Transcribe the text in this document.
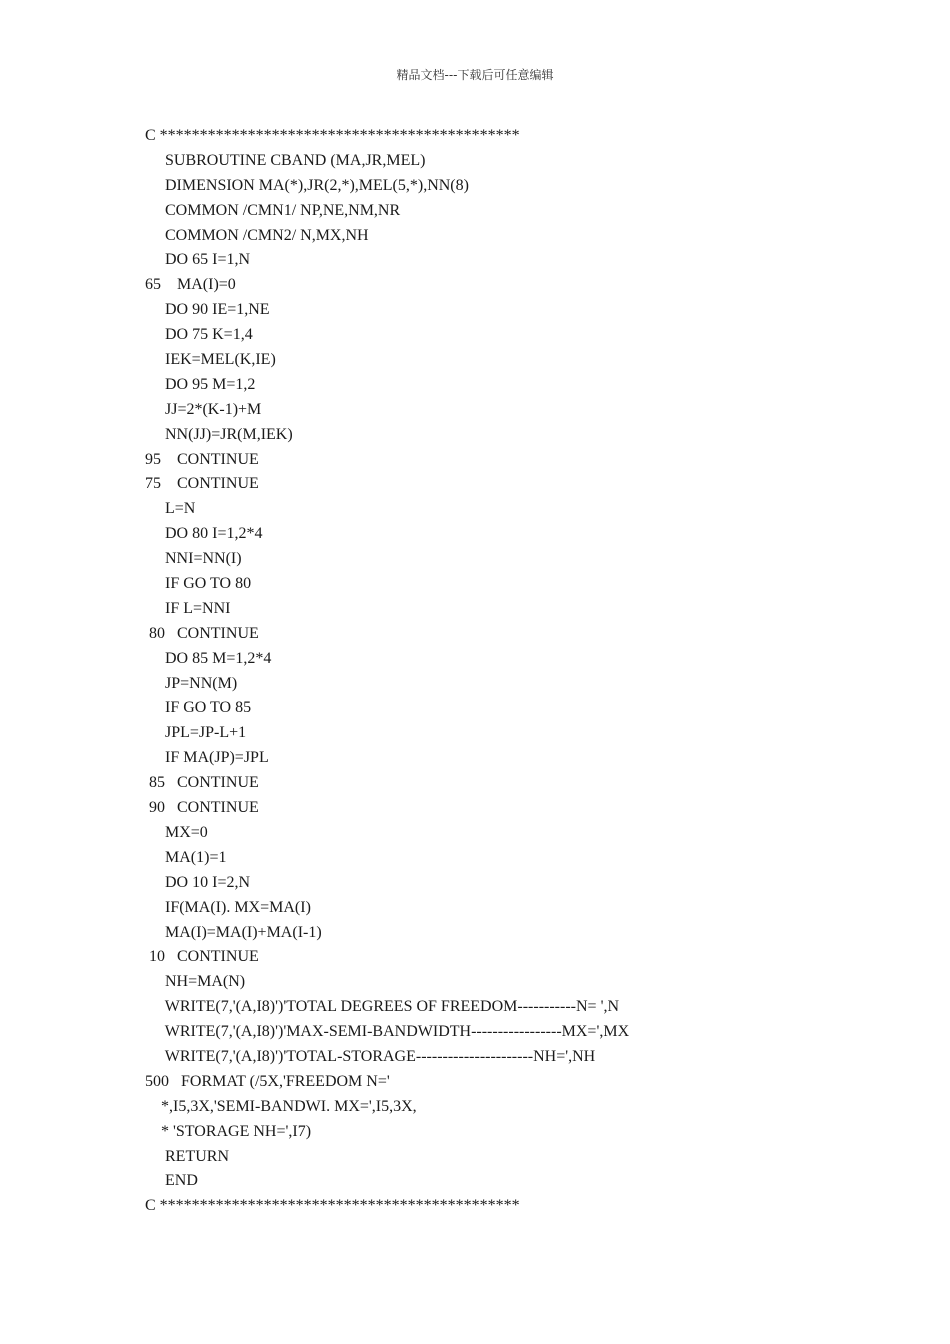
精品文档---下载后可任意编辑
C *********************************************
SUBROUTINE CBAND (MA,JR,MEL)
DIMENSION MA(*),JR(2,*),MEL(5,*),NN(8)
COMMON /CMN1/ NP,NE,NM,NR
COMMON /CMN2/ N,MX,NH
DO 65 I=1,N
65    MA(I)=0
DO 90 IE=1,NE
DO 75 K=1,4
IEK=MEL(K,IE)
DO 95 M=1,2
JJ=2*(K-1)+M
NN(JJ)=JR(M,IEK)
95    CONTINUE
75    CONTINUE
L=N
DO 80 I=1,2*4
NNI=NN(I)
IF GO TO 80
IF L=NNI
80   CONTINUE
DO 85 M=1,2*4
JP=NN(M)
IF GO TO 85
JPL=JP-L+1
IF MA(JP)=JPL
85   CONTINUE
90   CONTINUE
MX=0
MA(1)=1
DO 10 I=2,N
IF(MA(I). MX=MA(I)
MA(I)=MA(I)+MA(I-1)
10   CONTINUE
NH=MA(N)
WRITE(7,'(A,I8)')'TOTAL DEGREES OF FREEDOM-----------N= ',N
WRITE(7,'(A,I8)')'MAX-SEMI-BANDWIDTH-----------------MX=',MX
WRITE(7,'(A,I8)')'TOTAL-STORAGE----------------------NH=',NH
500   FORMAT (/5X,'FREEDOM N='
*,I5,3X,'SEMI-BANDWI. MX=',I5,3X,
* 'STORAGE NH=',I7)
RETURN
END
C *********************************************
